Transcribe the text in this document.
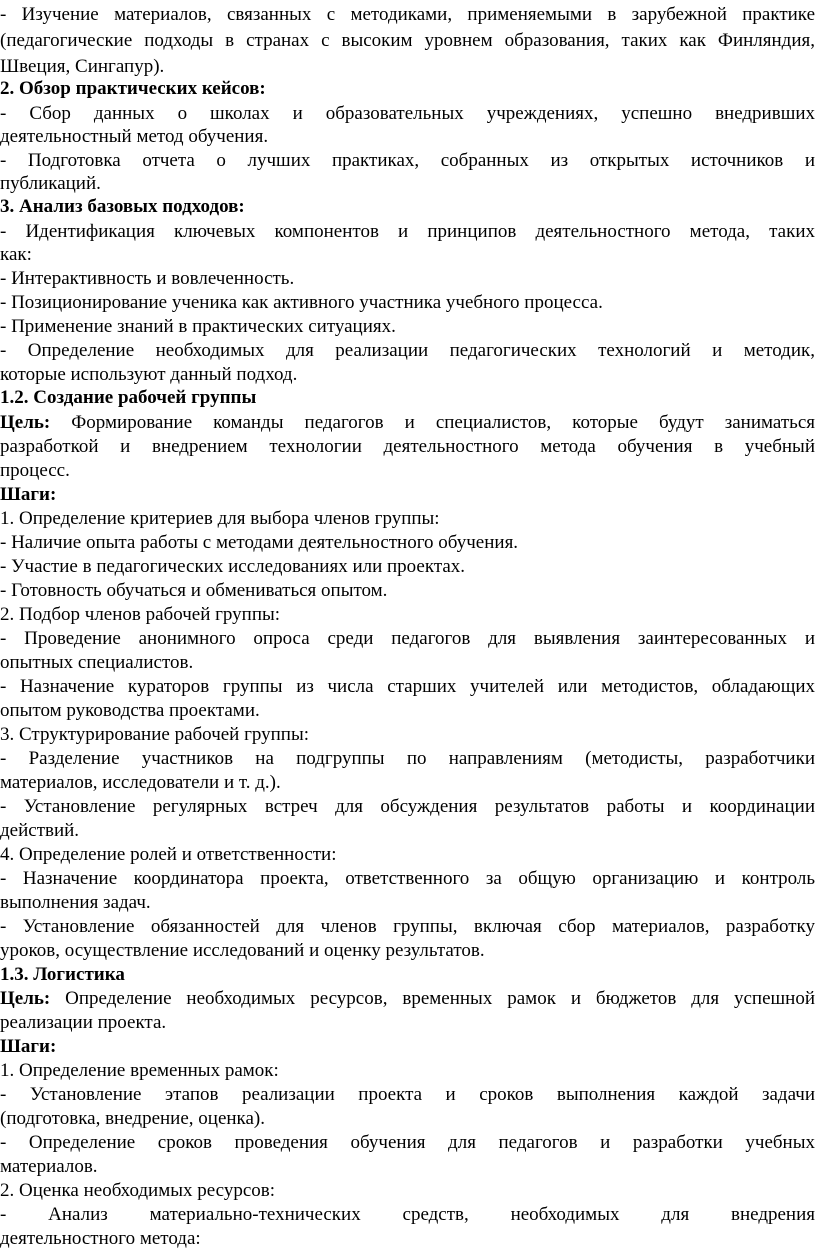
- Изучение материалов, связанных с методиками, применяемыми в зарубежной практике
(педагогические подходы в странах с высоким уровнем образования, таких как Финляндия,
Швеция, Сингапур).
2. Обзор практических кейсов:
- Сбор данных о школах и образовательных учреждениях, успешно внедривших
деятельностный метод обучения.
- Подготовка отчета о лучших практиках, собранных из открытых источников и
публикаций.
3. Анализ базовых подходов:
- Идентификация ключевых компонентов и принципов деятельностного метода, таких
как:
- Интерактивность и вовлеченность.
- Позиционирование ученика как активного участника учебного процесса.
- Применение знаний в практических ситуациях.
- Определение необходимых для реализации педагогических технологий и методик,
которые используют данный подход.
1.2. Создание рабочей группы
Цель: Формирование команды педагогов и специалистов, которые будут заниматься
разработкой и внедрением технологии деятельностного метода обучения в учебный
процесс.
Шаги:
1. Определение критериев для выбора членов группы:
- Наличие опыта работы с методами деятельностного обучения.
- Участие в педагогических исследованиях или проектах.
- Готовность обучаться и обмениваться опытом.
2. Подбор членов рабочей группы:
- Проведение анонимного опроса среди педагогов для выявления заинтересованных и
опытных специалистов.
- Назначение кураторов группы из числа старших учителей или методистов, обладающих
опытом руководства проектами.
3. Структурирование рабочей группы:
- Разделение участников на подгруппы по направлениям (методисты, разработчики
материалов, исследователи и т. д.).
- Установление регулярных встреч для обсуждения результатов работы и координации
действий.
4. Определение ролей и ответственности:
- Назначение координатора проекта, ответственного за общую организацию и контроль
выполнения задач.
- Установление обязанностей для членов группы, включая сбор материалов, разработку
уроков, осуществление исследований и оценку результатов.
1.3. Логистика
Цель: Определение необходимых ресурсов, временных рамок и бюджетов для успешной
реализации проекта.
Шаги:
1. Определение временных рамок:
- Установление этапов реализации проекта и сроков выполнения каждой задачи
(подготовка, внедрение, оценка).
- Определение сроков проведения обучения для педагогов и разработки учебных
материалов.
2. Оценка необходимых ресурсов:
- Анализ материально-технических средств, необходимых для внедрения
деятельностного метода:
